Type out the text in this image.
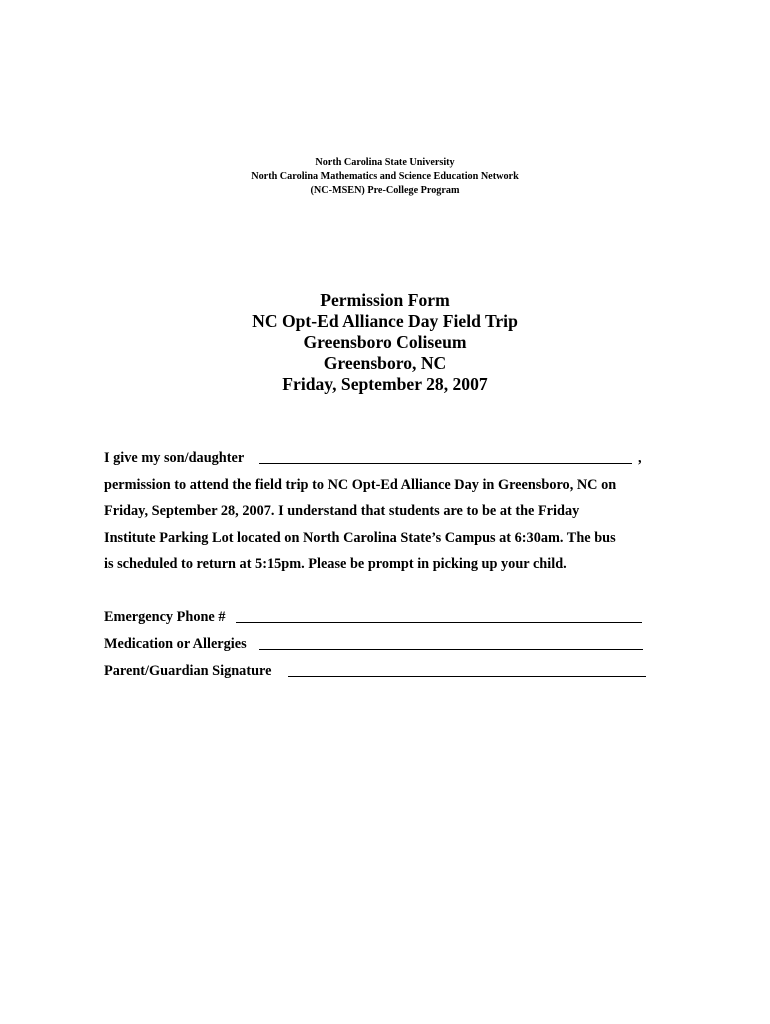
North Carolina State University
North Carolina Mathematics and Science Education Network
(NC-MSEN) Pre-College Program
Permission Form
NC Opt-Ed Alliance Day Field Trip
Greensboro Coliseum
Greensboro, NC
Friday, September 28, 2007
I give my son/daughter	,
permission to attend the field trip to NC Opt-Ed Alliance Day in Greensboro, NC on
Friday, September 28, 2007. I understand that students are to be at the Friday
Institute Parking Lot located on North Carolina State’s Campus at 6:30am. The bus
is scheduled to return at 5:15pm. Please be prompt in picking up your child.
Emergency Phone #
Medication or Allergies
Parent/Guardian Signature
